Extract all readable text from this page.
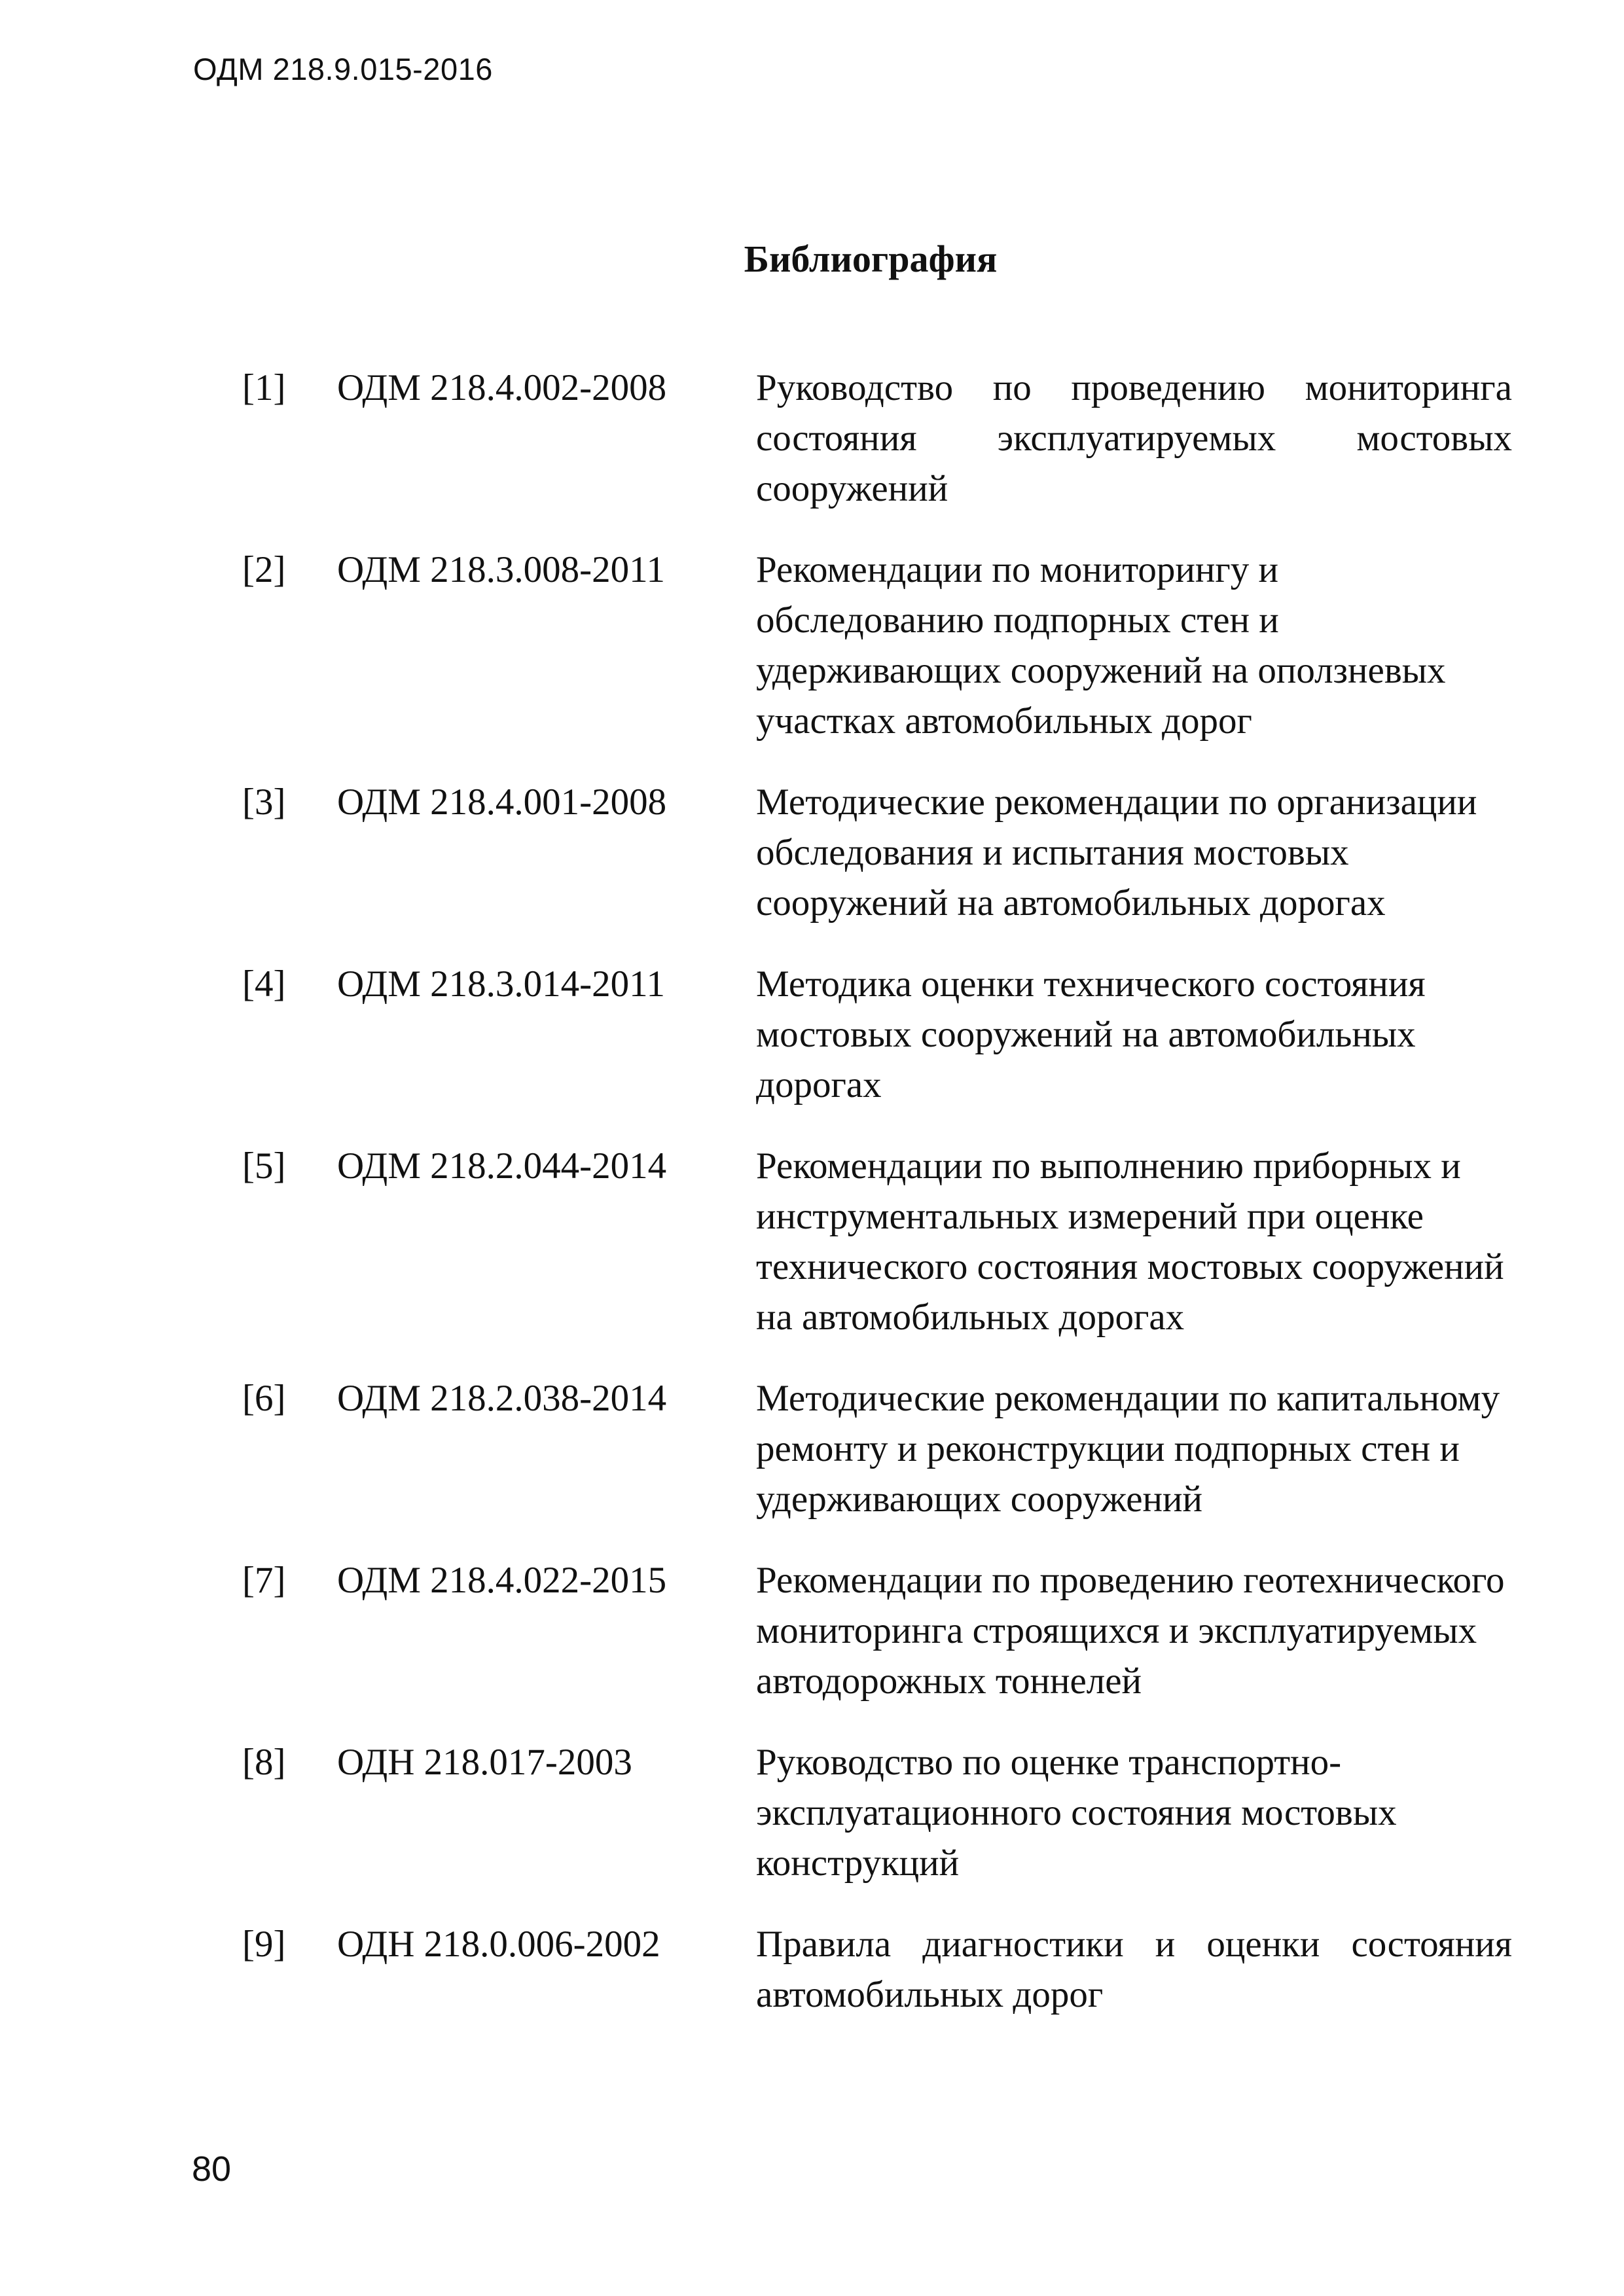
ОДМ 218.9.015-2016
Библиография
[1] ОДМ 218.4.002-2008 Руководство по проведению мониторинга состояния эксплуатируемых мостовых сооружений
[2] ОДМ 218.3.008-2011 Рекомендации по мониторингу и обследованию подпорных стен и удерживающих сооружений на оползневых участках автомобильных дорог
[3] ОДМ 218.4.001-2008 Методические рекомендации по организации обследования и испытания мостовых сооружений на автомобильных дорогах
[4] ОДМ 218.3.014-2011 Методика оценки технического состояния мостовых сооружений на автомобильных дорогах
[5] ОДМ 218.2.044-2014 Рекомендации по выполнению приборных и инструментальных измерений при оценке технического состояния мостовых сооружений на автомобильных дорогах
[6] ОДМ 218.2.038-2014 Методические рекомендации по капитальному ремонту и реконструкции подпорных стен и удерживающих сооружений
[7] ОДМ 218.4.022-2015 Рекомендации по проведению геотехнического мониторинга строящихся и эксплуатируемых автодорожных тоннелей
[8] ОДН 218.017-2003	Руководство по оценке транспортно-эксплуатационного состояния мостовых конструкций
[9] ОДН 218.0.006-2002	Правила диагностики и оценки состояния автомобильных дорог
80
